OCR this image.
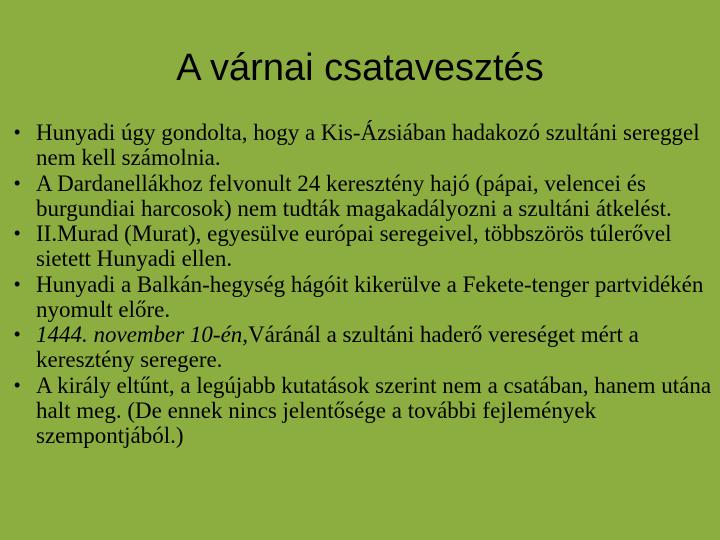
A várnai csatavesztés
• Hunyadi úgy gondolta, hogy a Kis-Ázsiában hadakozó szultáni sereggel nem kell számolnia.
• A Dardanellákhoz felvonult 24 keresztény hajó (pápai, velencei és burgundiai harcosok) nem tudták magakadályozni a szultáni átkelést.
• II.Murad (Murat), egyesülve európai seregeivel, többszörös túlerővel sietett Hunyadi ellen.
• Hunyadi a Balkán-hegység hágóit kikerülve a Fekete-tenger partvidékén nyomult előre.
• 1444. november 10-én,Váránál a szultáni haderő vereséget mért a keresztény seregere.
• A király eltűnt, a legújabb kutatások szerint nem a csatában, hanem utána halt meg. (De ennek nincs jelentősége a további fejlemények szempontjából.)
